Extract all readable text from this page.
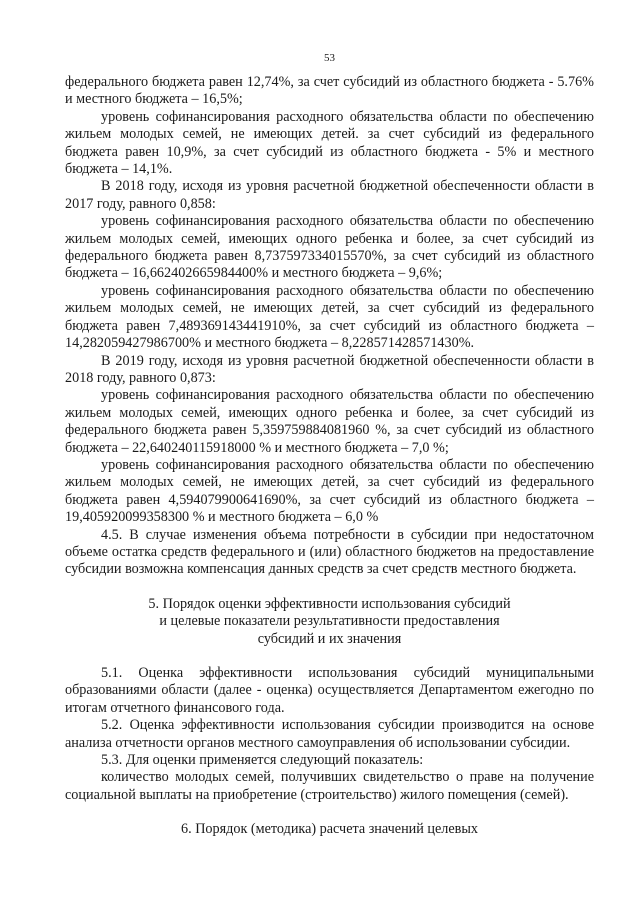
53

федерального бюджета равен 12,74%, за счет субсидий из областного бюджета - 5.76% и местного бюджета – 16,5%;

уровень софинансирования расходного обязательства области по обеспечению жильем молодых семей, не имеющих детей. за счет субсидий из федерального бюджета равен 10,9%, за счет субсидий из областного бюджета - 5% и местного бюджета – 14,1%.

В 2018 году, исходя из уровня расчетной бюджетной обеспеченности области в 2017 году, равного 0,858:

уровень софинансирования расходного обязательства области по обеспечению жильем молодых семей, имеющих одного ребенка и более, за счет субсидий из федерального бюджета равен 8,737597334015570%, за счет субсидий из областного бюджета – 16,662402665984400% и местного бюджета – 9,6%;

уровень софинансирования расходного обязательства области по обеспечению жильем молодых семей, не имеющих детей, за счет субсидий из федерального бюджета равен 7,489369143441910%, за счет субсидий из областного бюджета – 14,282059427986700% и местного бюджета – 8,228571428571430%.

В 2019 году, исходя из уровня расчетной бюджетной обеспеченности области в 2018 году, равного 0,873:

уровень софинансирования расходного обязательства области по обеспечению жильем молодых семей, имеющих одного ребенка и более, за счет субсидий из федерального бюджета равен 5,359759884081960 %, за счет субсидий из областного бюджета – 22,640240115918000 % и местного бюджета – 7,0 %;

уровень софинансирования расходного обязательства области по обеспечению жильем молодых семей, не имеющих детей, за счет субсидий из федерального бюджета равен 4,594079900641690%, за счет субсидий из областного бюджета – 19,405920099358300 % и местного бюджета – 6,0 %

4.5. В случае изменения объема потребности в субсидии при недостаточном объеме остатка средств федерального и (или) областного бюджетов на предоставление субсидии возможна компенсация данных средств за счет средств местного бюджета.

5. Порядок оценки эффективности использования субсидий
и целевые показатели результативности предоставления
субсидий и их значения

5.1. Оценка эффективности использования субсидий муниципальными образованиями области (далее - оценка) осуществляется Департаментом ежегодно по итогам отчетного финансового года.

5.2. Оценка эффективности использования субсидии производится на основе анализа отчетности органов местного самоуправления об использовании субсидии.

5.3. Для оценки применяется следующий показатель:

количество молодых семей, получивших свидетельство о праве на получение социальной выплаты на приобретение (строительство) жилого помещения (семей).

6. Порядок (методика) расчета значений целевых
